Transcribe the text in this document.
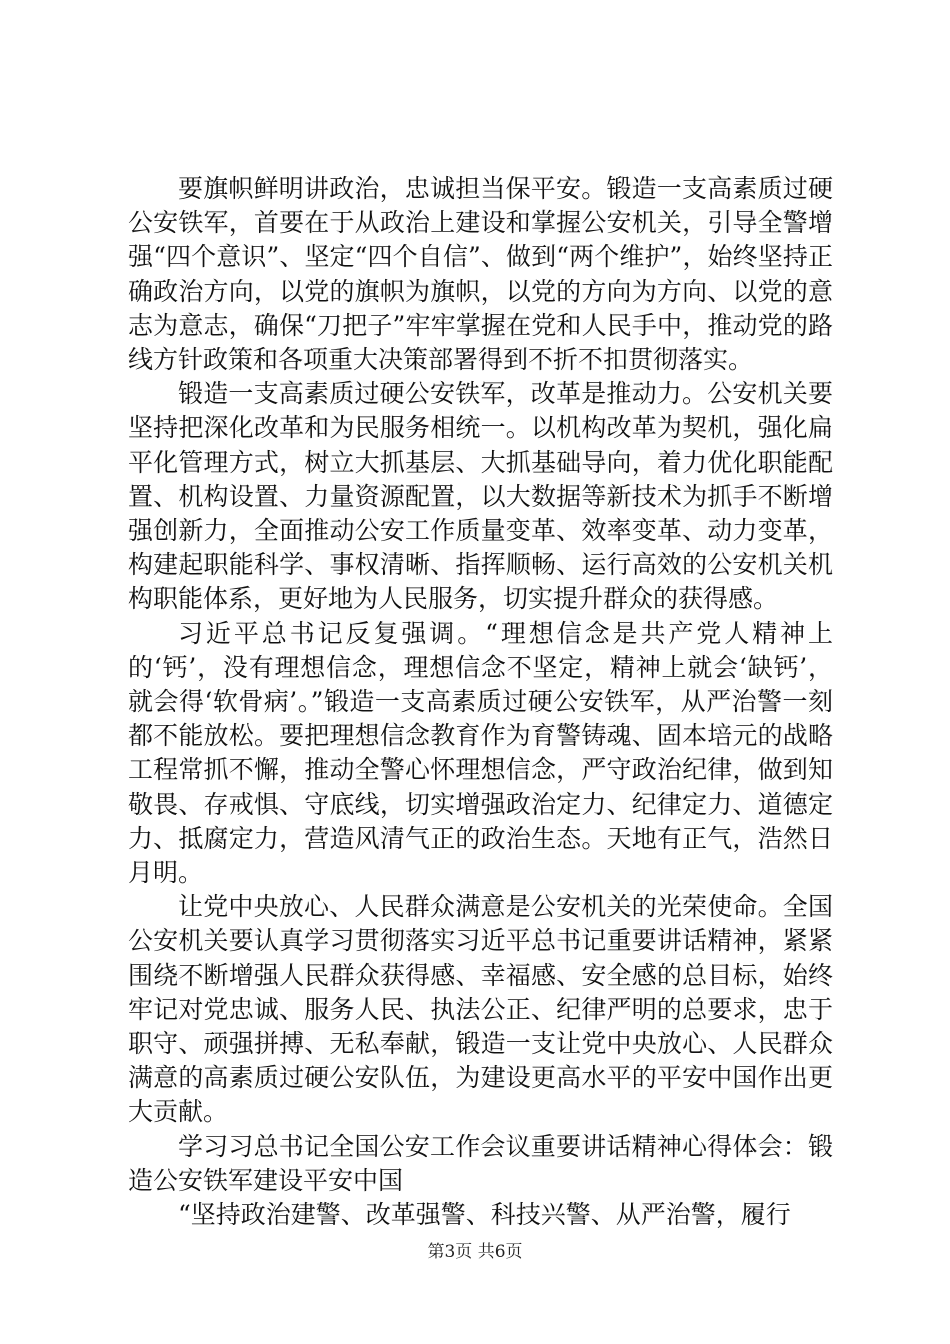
要旗帜鲜明讲政治，忠诚担当保平安。锻造一支高素质过硬公安铁军，首要在于从政治上建设和掌握公安机关，引导全警增强“四个意识”、坚定“四个自信”、做到“两个维护”，始终坚持正确政治方向，以党的旗帜为旗帜，以党的方向为方向、以党的意志为意志，确保“刀把子”牢牢掌握在党和人民手中，推动党的路线方针政策和各项重大决策部署得到不折不扣贯彻落实。

锻造一支高素质过硬公安铁军，改革是推动力。公安机关要坚持把深化改革和为民服务相统一。以机构改革为契机，强化扁平化管理方式，树立大抓基层、大抓基础导向，着力优化职能配置、机构设置、力量资源配置，以大数据等新技术为抓手不断增强创新力，全面推动公安工作质量变革、效率变革、动力变革，构建起职能科学、事权清晰、指挥顺畅、运行高效的公安机关机构职能体系，更好地为人民服务，切实提升群众的获得感。

习近平总书记反复强调。“理想信念是共产党人精神上的‘钙’，没有理想信念，理想信念不坚定，精神上就会‘缺钙’，就会得‘软骨病’。”锻造一支高素质过硬公安铁军，从严治警一刻都不能放松。要把理想信念教育作为育警铸魂、固本培元的战略工程常抓不懈，推动全警心怀理想信念，严守政治纪律，做到知敬畏、存戒惧、守底线，切实增强政治定力、纪律定力、道德定力、抵腐定力，营造风清气正的政治生态。天地有正气，浩然日月明。

让党中央放心、人民群众满意是公安机关的光荣使命。全国公安机关要认真学习贯彻落实习近平总书记重要讲话精神，紧紧围绕不断增强人民群众获得感、幸福感、安全感的总目标，始终牢记对党忠诚、服务人民、执法公正、纪律严明的总要求，忠于职守、顽强拼搏、无私奉献，锻造一支让党中央放心、人民群众满意的高素质过硬公安队伍，为建设更高水平的平安中国作出更大贡献。

学习习总书记全国公安工作会议重要讲话精神心得体会：锻造公安铁军建设平安中国

“坚持政治建警、改革强警、科技兴警、从严治警，履行

第3页 共6页
